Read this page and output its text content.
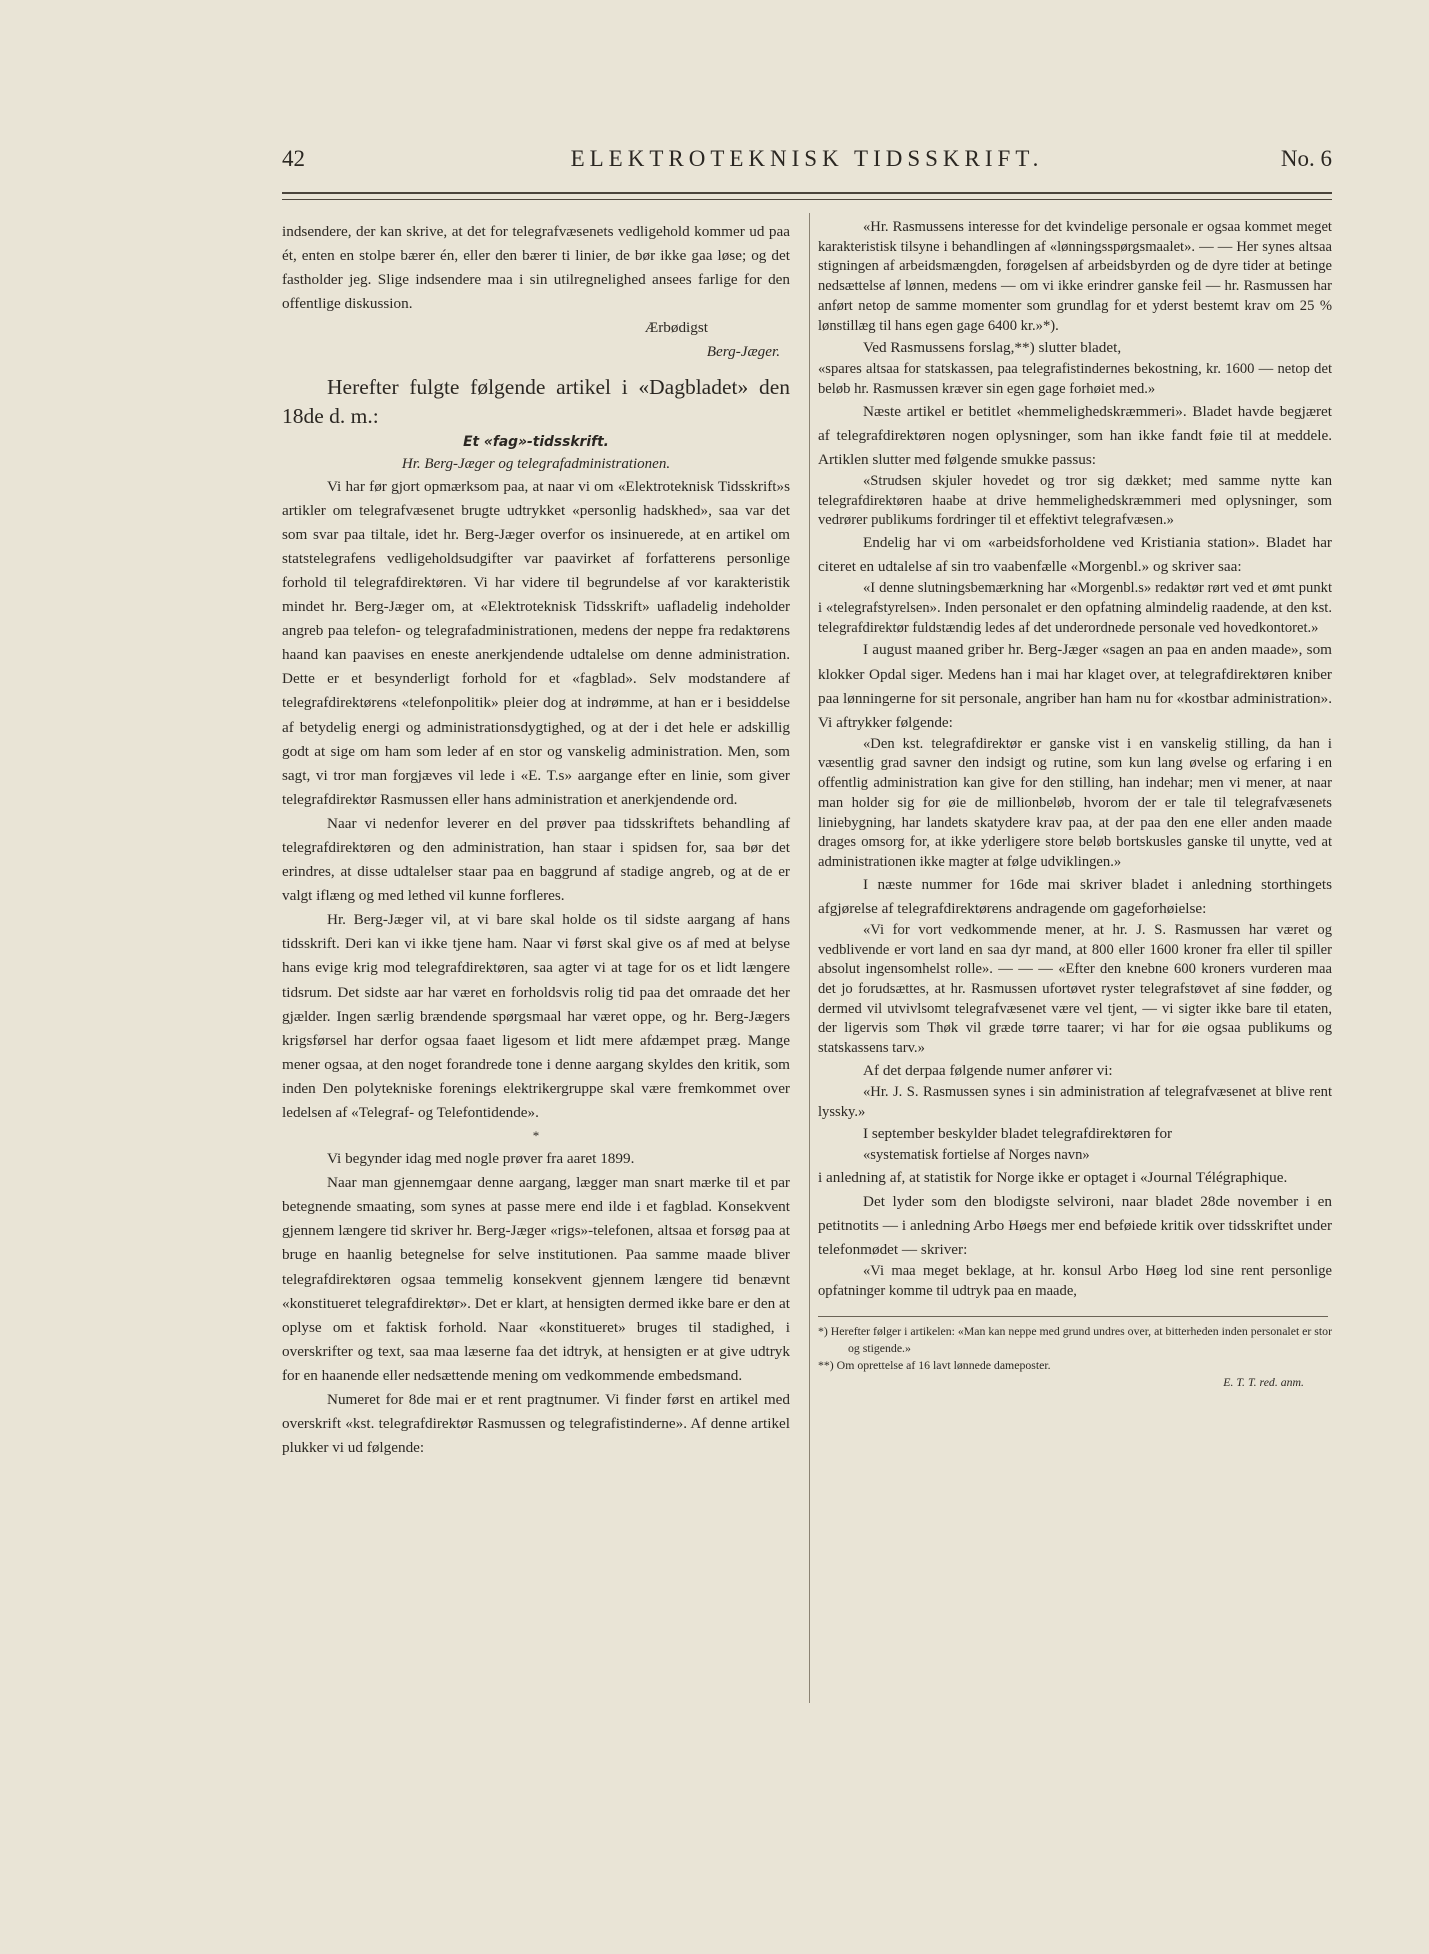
42	ELEKTROTEKNISK TIDSSKRIFT.	No. 6

indsendere, der kan skrive, at det for telegrafvæsenets vedligehold kommer ud paa ét, enten en stolpe bærer én, eller den bærer ti linier, de bør ikke gaa løse; og det fastholder jeg. Slige indsendere maa i sin utilregnelighed ansees farlige for den offentlige diskussion.

Ærbødigst

Berg-Jæger.

Herefter fulgte følgende artikel i «Dagbladet» den 18de d. m.:

Et «fag»-tidsskrift.

Hr. Berg-Jæger og telegrafadministrationen.

Vi har før gjort opmærksom paa, at naar vi om «Elektroteknisk Tidsskrift»s artikler om telegrafvæsenet brugte udtrykket «personlig hadskhed», saa var det som svar paa tiltale, idet hr. Berg-Jæger overfor os insinuerede, at en artikel om statstelegrafens vedligeholdsudgifter var paavirket af forfatterens personlige forhold til telegrafdirektøren. Vi har videre til begrundelse af vor karakteristik mindet hr. Berg-Jæger om, at «Elektroteknisk Tidsskrift» uafladelig indeholder angreb paa telefon- og telegrafadministrationen, medens der neppe fra redaktørens haand kan paavises en eneste anerkjendende udtalelse om denne administration. Dette er et besynderligt forhold for et «fagblad». Selv modstandere af telegrafdirektørens «telefonpolitik» pleier dog at indrømme, at han er i besiddelse af betydelig energi og administrationsdygtighed, og at der i det hele er adskillig godt at sige om ham som leder af en stor og vanskelig administration. Men, som sagt, vi tror man forgjæves vil lede i «E. T.s» aargange efter en linie, som giver telegrafdirektør Rasmussen eller hans administration et anerkjendende ord.

Naar vi nedenfor leverer en del prøver paa tidsskriftets behandling af telegrafdirektøren og den administration, han staar i spidsen for, saa bør det erindres, at disse udtalelser staar paa en baggrund af stadige angreb, og at de er valgt iflæng og med lethed vil kunne forfleres.

Hr. Berg-Jæger vil, at vi bare skal holde os til sidste aargang af hans tidsskrift. Deri kan vi ikke tjene ham. Naar vi først skal give os af med at belyse hans evige krig mod telegrafdirektøren, saa agter vi at tage for os et lidt længere tidsrum. Det sidste aar har været en forholdsvis rolig tid paa det omraade det her gjælder. Ingen særlig brændende spørgsmaal har været oppe, og hr. Berg-Jægers krigsførsel har derfor ogsaa faaet ligesom et lidt mere afdæmpet præg. Mange mener ogsaa, at den noget forandrede tone i denne aargang skyldes den kritik, som inden Den polytekniske forenings elektrikergruppe skal være fremkommet over ledelsen af «Telegraf- og Telefontidende».

*

Vi begynder idag med nogle prøver fra aaret 1899.

Naar man gjennemgaar denne aargang, lægger man snart mærke til et par betegnende smaating, som synes at passe mere end ilde i et fagblad. Konsekvent gjennem længere tid skriver hr. Berg-Jæger «rigs»-telefonen, altsaa et forsøg paa at bruge en haanlig betegnelse for selve institutionen. Paa samme maade bliver telegrafdirektøren ogsaa temmelig konsekvent gjennem længere tid benævnt «konstitueret telegrafdirektør». Det er klart, at hensigten dermed ikke bare er den at oplyse om et faktisk forhold. Naar «konstitueret» bruges til stadighed, i overskrifter og text, saa maa læserne faa det idtryk, at hensigten er at give udtryk for en haanende eller nedsættende mening om vedkommende embedsmand.

Numeret for 8de mai er et rent pragtnumer. Vi finder først en artikel med overskrift «kst. telegrafdirektør Rasmussen og telegrafistinderne». Af denne artikel plukker vi ud følgende:

«Hr. Rasmussens interesse for det kvindelige personale er ogsaa kommet meget karakteristisk tilsyne i behandlingen af «lønningsspørgsmaalet». — — Her synes altsaa stigningen af arbeidsmængden, forøgelsen af arbeidsbyrden og de dyre tider at betinge nedsættelse af lønnen, medens — om vi ikke erindrer ganske feil — hr. Rasmussen har anført netop de samme momenter som grundlag for et yderst bestemt krav om 25 % lønstillæg til hans egen gage 6400 kr.»*).

Ved Rasmussens forslag,**) slutter bladet,

«spares altsaa for statskassen, paa telegrafistindernes bekostning, kr. 1600 — netop det beløb hr. Rasmussen kræver sin egen gage forhøiet med.»

Næste artikel er betitlet «hemmelighedskræmmeri». Bladet havde begjæret af telegrafdirektøren nogen oplysninger, som han ikke fandt føie til at meddele. Artiklen slutter med følgende smukke passus:

«Strudsen skjuler hovedet og tror sig dækket; med samme nytte kan telegrafdirektøren haabe at drive hemmelighedskræmmeri med oplysninger, som vedrører publikums fordringer til et effektivt telegrafvæsen.»

Endelig har vi om «arbeidsforholdene ved Kristiania station». Bladet har citeret en udtalelse af sin tro vaabenfælle «Morgenbl.» og skriver saa:

«I denne slutningsbemærkning har «Morgenbl.s» redaktør rørt ved et ømt punkt i «telegrafstyrelsen». Inden personalet er den opfatning almindelig raadende, at den kst. telegrafdirektør fuldstændig ledes af det underordnede personale ved hovedkontoret.»

I august maaned griber hr. Berg-Jæger «sagen an paa en anden maade», som klokker Opdal siger. Medens han i mai har klaget over, at telegrafdirektøren kniber paa lønningerne for sit personale, angriber han ham nu for «kostbar administration». Vi aftrykker følgende:

«Den kst. telegrafdirektør er ganske vist i en vanskelig stilling, da han i væsentlig grad savner den indsigt og rutine, som kun lang øvelse og erfaring i en offentlig administration kan give for den stilling, han indehar; men vi mener, at naar man holder sig for øie de millionbeløb, hvorom der er tale til telegrafvæsenets liniebygning, har landets skatydere krav paa, at der paa den ene eller anden maade drages omsorg for, at ikke yderligere store beløb bortskusles ganske til unytte, ved at administrationen ikke magter at følge udviklingen.»

I næste nummer for 16de mai skriver bladet i anledning storthingets afgjørelse af telegrafdirektørens andragende om gageforhøielse:

«Vi for vort vedkommende mener, at hr. J. S. Rasmussen har været og vedblivende er vort land en saa dyr mand, at 800 eller 1600 kroner fra eller til spiller absolut ingensomhelst rolle». — — — «Efter den knebne 600 kroners vurderen maa det jo forudsættes, at hr. Rasmussen ufortøvet ryster telegrafstøvet af sine fødder, og dermed vil utvivlsomt telegrafvæsenet være vel tjent, — vi sigter ikke bare til etaten, der ligervis som Thøk vil græde tørre taarer; vi har for øie ogsaa publikums og statskassens tarv.»

Af det derpaa følgende numer anfører vi:

«Hr. J. S. Rasmussen synes i sin administration af telegrafvæsenet at blive rent lyssky.»

I september beskylder bladet telegrafdirektøren for

«systematisk fortielse af Norges navn»

i anledning af, at statistik for Norge ikke er optaget i «Journal Télégraphique.

Det lyder som den blodigste selvironi, naar bladet 28de november i en petitnotits — i anledning Arbo Høegs mer end beføiede kritik over tidsskriftet under telefonmødet — skriver:

«Vi maa meget beklage, at hr. konsul Arbo Høeg lod sine rent personlige opfatninger komme til udtryk paa en maade,

*) Herefter følger i artikelen: «Man kan neppe med grund undres over, at bitterheden inden personalet er stor og stigende.»

**) Om oprettelse af 16 lavt lønnede dameposter.

E. T. T. red. anm.
